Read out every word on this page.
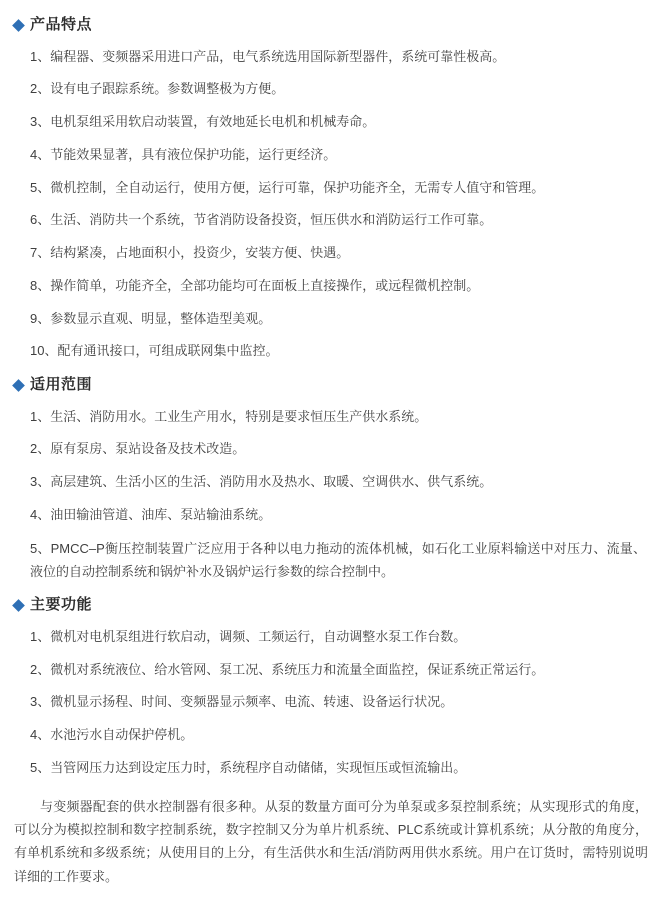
产品特点
1、编程器、变频器采用进口产品，电气系统选用国际新型器件，系统可靠性极高。
2、设有电子跟踪系统。参数调整极为方便。
3、电机泵组采用软启动装置，有效地延长电机和机械寿命。
4、节能效果显著，具有液位保护功能，运行更经济。
5、微机控制，全自动运行，使用方便，运行可靠，保护功能齐全，无需专人值守和管理。
6、生活、消防共一个系统，节省消防设备投资，恒压供水和消防运行工作可靠。
7、结构紧凑，占地面积小，投资少，安装方便、快遇。
8、操作简单，功能齐全，全部功能均可在面板上直接操作，或远程微机控制。
9、参数显示直观、明显，整体造型美观。
10、配有通讯接口，可组成联网集中监控。
适用范围
1、生活、消防用水。工业生产用水，特别是要求恒压生产供水系统。
2、原有泵房、泵站设备及技术改造。
3、高层建筑、生活小区的生活、消防用水及热水、取暖、空调供水、供气系统。
4、油田输油管道、油库、泵站输油系统。
5、PMCC–P衡压控制装置广泛应用于各种以电力拖动的流体机械，如石化工业原料输送中对压力、流量、液位的自动控制系统和锅炉补水及锅炉运行参数的综合控制中。
主要功能
1、微机对电机泵组进行软启动，调频、工频运行，自动调整水泵工作台数。
2、微机对系统液位、给水管网、泵工况、系统压力和流量全面监控，保证系统正常运行。
3、微机显示扬程、时间、变频器显示频率、电流、转速、设备运行状况。
4、水池污水自动保护停机。
5、当管网压力达到设定压力时，系统程序自动储储，实现恒压或恒流输出。

与变频器配套的供水控制器有很多种。从泵的数量方面可分为单泵或多泵控制系统；从实现形式的角度，可以分为模拟控制和数字控制系统，数字控制又分为单片机系统、PLC系统或计算机系统；从分散的角度分，有单机系统和多级系统；从使用目的上分，有生活供水和生活/消防两用供水系统。用户在订货时，需特别说明详细的工作要求。
